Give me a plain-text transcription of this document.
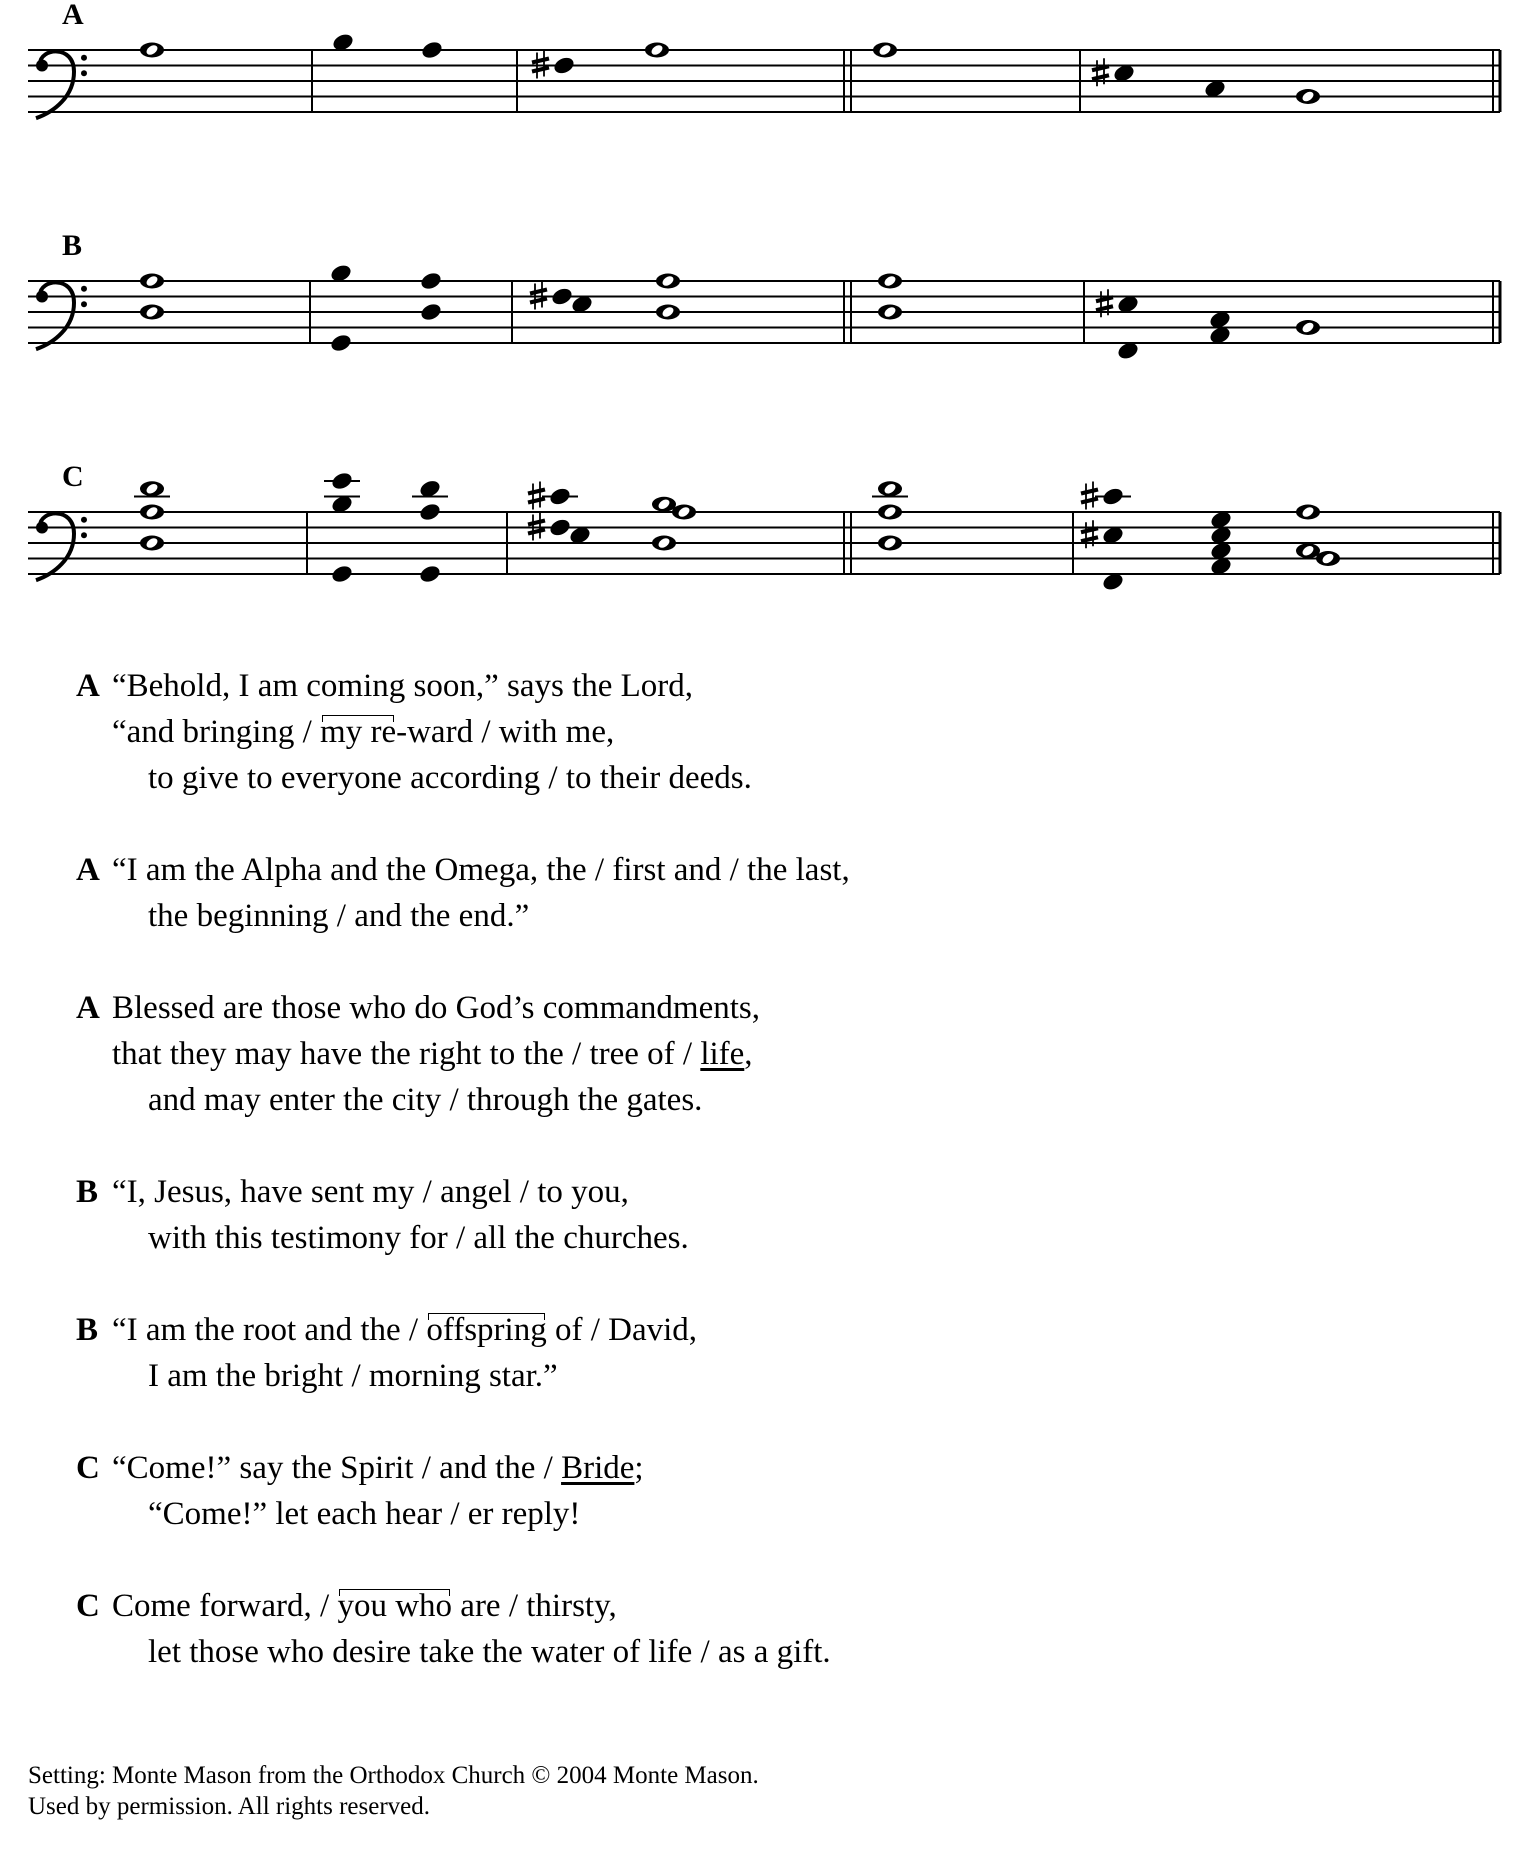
A
B
C
A “Behold, I am coming soon,” says the Lord,
“and bringing / my re-ward / with me,
to give to everyone according / to their deeds.
A “I am the Alpha and the Omega, the / first and / the last,
the beginning / and the end.”
A Blessed are those who do God’s commandments,
that they may have the right to the / tree of / life,
and may enter the city / through the gates.
B “I, Jesus, have sent my / angel / to you,
with this testimony for / all the churches.
B “I am the root and the / offspring of / David,
I am the bright / morning star.”
C “Come!” say the Spirit / and the / Bride;
“Come!” let each hear / er reply!
C Come forward, / you who are / thirsty,
let those who desire take the water of life / as a gift.
Setting: Monte Mason from the Orthodox Church © 2004 Monte Mason.
Used by permission. All rights reserved.
